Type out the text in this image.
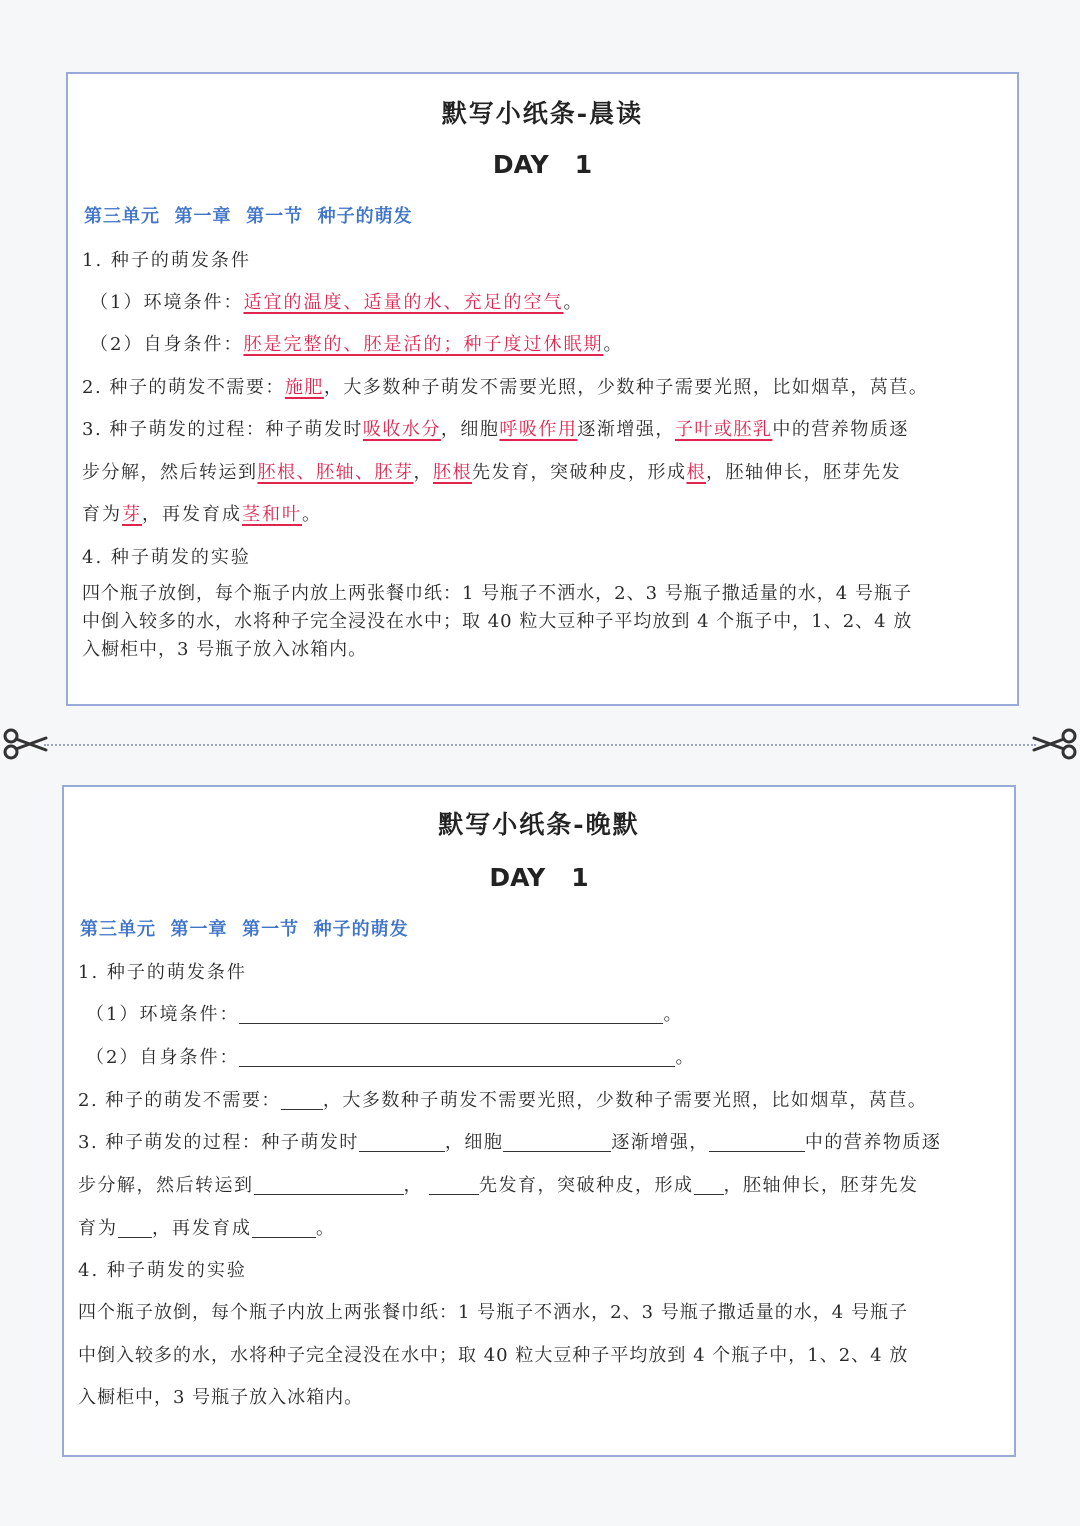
默写小纸条-晨读
DAY 1
第三单元  第一章  第一节  种子的萌发
1. 种子的萌发条件
（1）环境条件：适宜的温度、适量的水、充足的空气。
（2）自身条件：胚是完整的、胚是活的；种子度过休眠期。
2. 种子的萌发不需要：施肥，大多数种子萌发不需要光照，少数种子需要光照，比如烟草，莴苣。
3. 种子萌发的过程：种子萌发时吸收水分，细胞呼吸作用逐渐增强，子叶或胚乳中的营养物质逐
步分解，然后转运到胚根、胚轴、胚芽，胚根先发育，突破种皮，形成根，胚轴伸长，胚芽先发
育为芽，再发育成茎和叶。
4. 种子萌发的实验
四个瓶子放倒，每个瓶子内放上两张餐巾纸：1 号瓶子不洒水，2、3 号瓶子撒适量的水，4 号瓶子
中倒入较多的水，水将种子完全浸没在水中；取 40 粒大豆种子平均放到 4 个瓶子中，1、2、4 放
入橱柜中，3 号瓶子放入冰箱内。
默写小纸条-晚默
DAY 1
第三单元  第一章  第一节  种子的萌发
1. 种子的萌发条件
（1）环境条件：	。
（2）自身条件：	。
2. 种子的萌发不需要： ，大多数种子萌发不需要光照，少数种子需要光照，比如烟草，莴苣。
3. 种子萌发的过程：种子萌发时	，细胞	逐渐增强，	中的营养物质逐
步分解，然后转运到	，	先发育，突破种皮，形成 ，胚轴伸长，胚芽先发
育为 ，再发育成	。
4. 种子萌发的实验
四个瓶子放倒，每个瓶子内放上两张餐巾纸：1 号瓶子不洒水，2、3 号瓶子撒适量的水，4 号瓶子
中倒入较多的水，水将种子完全浸没在水中；取 40 粒大豆种子平均放到 4 个瓶子中，1、2、4 放
入橱柜中，3 号瓶子放入冰箱内。
